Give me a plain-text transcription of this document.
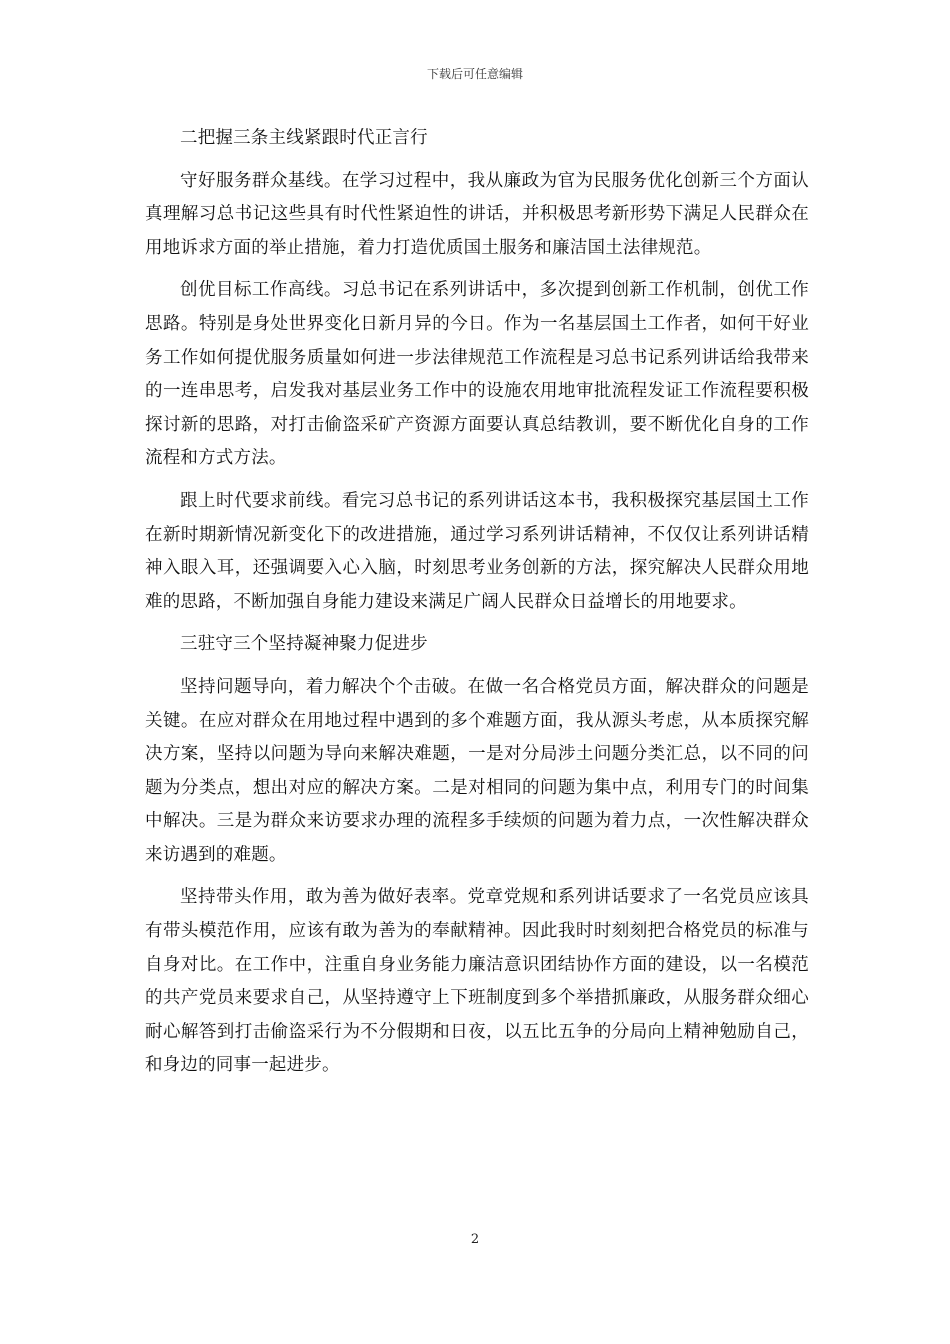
下载后可任意编辑

二把握三条主线紧跟时代正言行

守好服务群众基线。在学习过程中，我从廉政为官为民服务优化创新三个方面认真理解习总书记这些具有时代性紧迫性的讲话，并积极思考新形势下满足人民群众在用地诉求方面的举止措施，着力打造优质国土服务和廉洁国土法律规范。

创优目标工作高线。习总书记在系列讲话中，多次提到创新工作机制，创优工作思路。特别是身处世界变化日新月异的今日。作为一名基层国土工作者，如何干好业务工作如何提优服务质量如何进一步法律规范工作流程是习总书记系列讲话给我带来的一连串思考，启发我对基层业务工作中的设施农用地审批流程发证工作流程要积极探讨新的思路，对打击偷盗采矿产资源方面要认真总结教训，要不断优化自身的工作流程和方式方法。

跟上时代要求前线。看完习总书记的系列讲话这本书，我积极探究基层国土工作在新时期新情况新变化下的改进措施，通过学习系列讲话精神，不仅仅让系列讲话精神入眼入耳，还强调要入心入脑，时刻思考业务创新的方法，探究解决人民群众用地难的思路，不断加强自身能力建设来满足广阔人民群众日益增长的用地要求。

三驻守三个坚持凝神聚力促进步

坚持问题导向，着力解决个个击破。在做一名合格党员方面，解决群众的问题是关键。在应对群众在用地过程中遇到的多个难题方面，我从源头考虑，从本质探究解决方案，坚持以问题为导向来解决难题，一是对分局涉土问题分类汇总，以不同的问题为分类点，想出对应的解决方案。二是对相同的问题为集中点，利用专门的时间集中解决。三是为群众来访要求办理的流程多手续烦的问题为着力点，一次性解决群众来访遇到的难题。

坚持带头作用，敢为善为做好表率。党章党规和系列讲话要求了一名党员应该具有带头模范作用，应该有敢为善为的奉献精神。因此我时时刻刻把合格党员的标准与自身对比。在工作中，注重自身业务能力廉洁意识团结协作方面的建设，以一名模范的共产党员来要求自己，从坚持遵守上下班制度到多个举措抓廉政，从服务群众细心耐心解答到打击偷盗采行为不分假期和日夜，以五比五争的分局向上精神勉励自己，和身边的同事一起进步。

2
